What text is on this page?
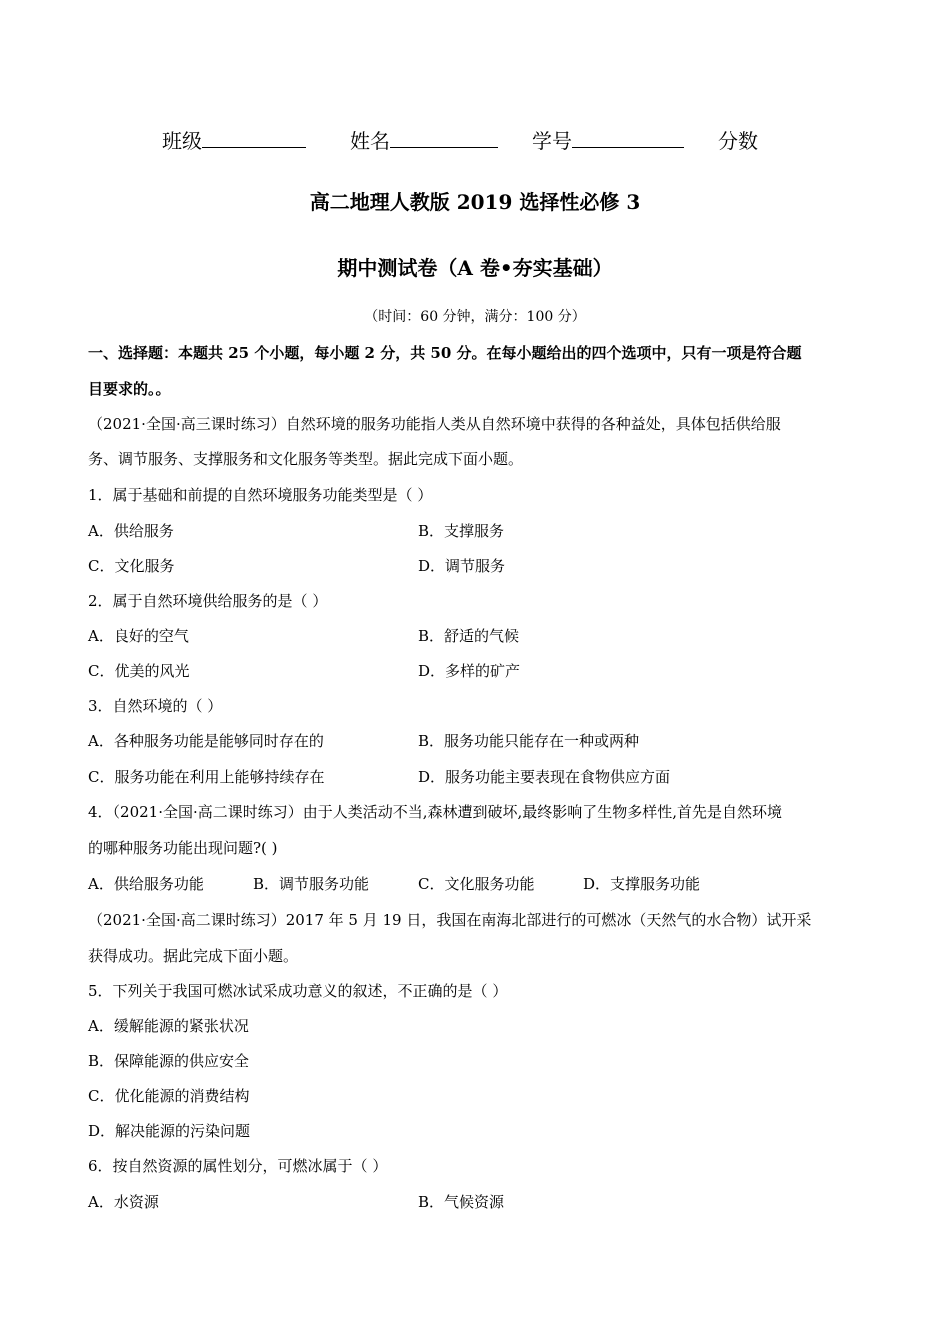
班级	姓名	学号	分数
高二地理人教版 2019 选择性必修 3
期中测试卷（A 卷•夯实基础）
（时间：60 分钟，满分：100 分）
一、选择题：本题共 25 个小题，每小题 2 分，共 50 分。在每小题给出的四个选项中，只有一项是符合题
目要求的。。
（2021·全国·高三课时练习）自然环境的服务功能指人类从自然环境中获得的各种益处，具体包括供给服
务、调节服务、支撑服务和文化服务等类型。据此完成下面小题。
1．属于基础和前提的自然环境服务功能类型是（ ）
A．供给服务	B．支撑服务
C．文化服务	D．调节服务
2．属于自然环境供给服务的是（ ）
A．良好的空气	B．舒适的气候
C．优美的风光	D．多样的矿产
3．自然环境的（ ）
A．各种服务功能是能够同时存在的	B．服务功能只能存在一种或两种
C．服务功能在利用上能够持续存在	D．服务功能主要表现在食物供应方面
4．（2021·全国·高二课时练习）由于人类活动不当,森林遭到破坏,最终影响了生物多样性,首先是自然环境
的哪种服务功能出现问题?( )
A．供给服务功能	B．调节服务功能	C．文化服务功能	D．支撑服务功能
（2021·全国·高二课时练习）2017 年 5 月 19 日，我国在南海北部进行的可燃冰（天然气的水合物）试开采
获得成功。据此完成下面小题。
5．下列关于我国可燃冰试采成功意义的叙述，不正确的是（ ）
A．缓解能源的紧张状况
B．保障能源的供应安全
C．优化能源的消费结构
D．解决能源的污染问题
6．按自然资源的属性划分，可燃冰属于（ ）
A．水资源	B．气候资源
